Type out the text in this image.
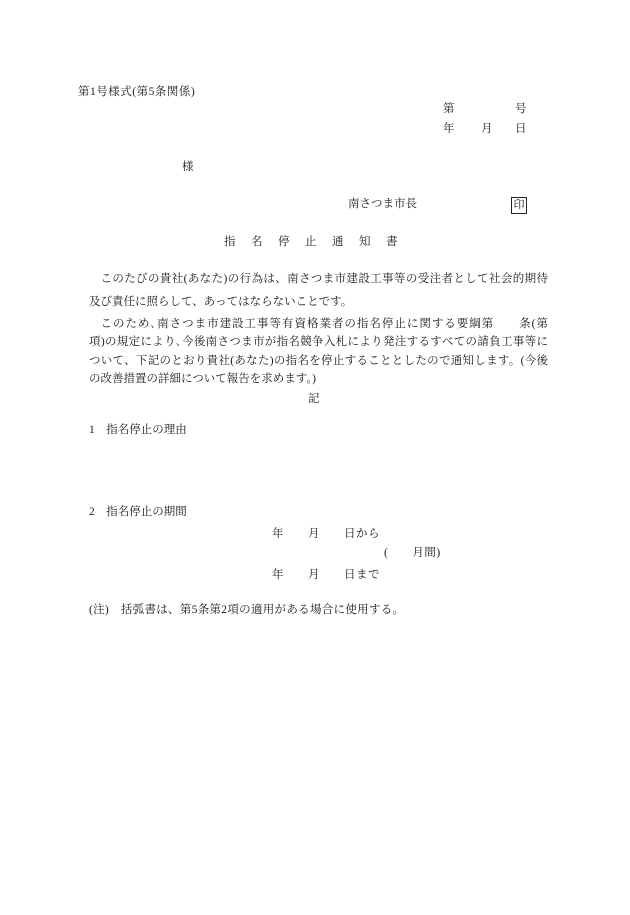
第1号様式(第5条関係)
第	号
年 月 日
様
南さつま市長	印
指　名　停　止　通　知　書
このたびの貴社(あなた)の行為は、南さつま市建設工事等の受注者として社会的期待
及び責任に照らして、あってはならないことです。
このため､南さつま市建設工事等有資格業者の指名停止に関する要綱第　　条(第
項)の規定により､今後南さつま市が指名競争入札により発注するすべての請負工事等に
ついて、下記のとおり貴社(あなた)の指名を停止することとしたので通知します。(今後
の改善措置の詳細について報告を求めます。)
記
1　指名停止の理由
2　指名停止の期間
年　　月　　日から
(　　月間)
年　　月　　日まで
(注)　括弧書は、第5条第2項の適用がある場合に使用する。
